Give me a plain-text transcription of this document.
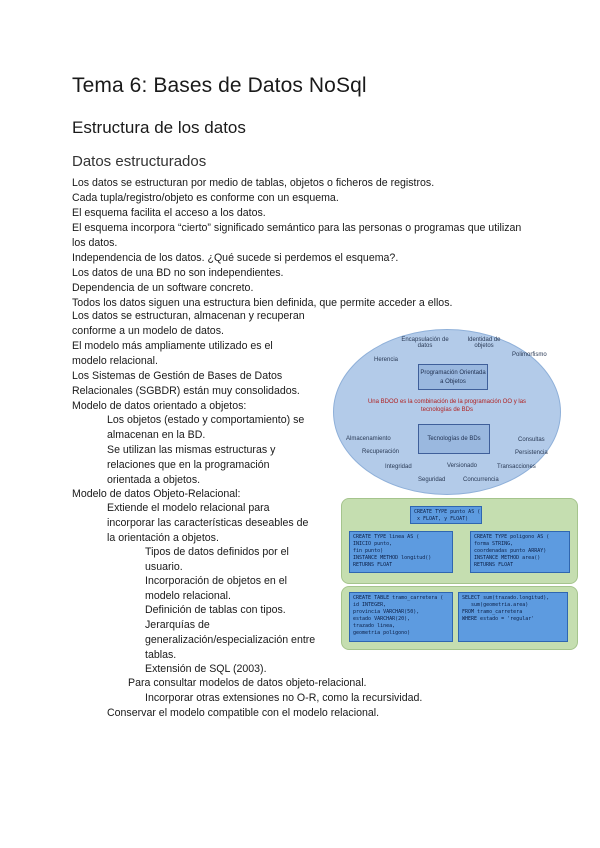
Tema 6: Bases de Datos NoSql
Estructura de los datos
Datos estructurados
Los datos se estructuran por medio de tablas, objetos o ficheros de registros.
Cada tupla/registro/objeto es conforme con un esquema.
El esquema facilita el acceso a los datos.
El esquema incorpora “cierto” significado semántico para las personas o programas que utilizan
los datos.
Independencia de los datos. ¿Qué sucede si perdemos el esquema?.
Los datos de una BD no son independientes.
Dependencia de un software concreto.
Todos los datos siguen una estructura bien definida, que permite acceder a ellos.
Los datos se estructuran, almacenan y recuperan
conforme a un modelo de datos.
El modelo más ampliamente utilizado es el
modelo relacional.
Los Sistemas de Gestión de Bases de Datos
Relacionales (SGBDR) están muy consolidados.
Modelo de datos orientado a objetos:
Los objetos (estado y comportamiento) se
almacenan en la BD.
Se utilizan las mismas estructuras y
relaciones que en la programación
orientada a objetos.
Modelo de datos Objeto-Relacional:
Extiende el modelo relacional para
incorporar las características deseables de
la orientación a objetos.
Tipos de datos definidos por el
usuario.
Incorporación de objetos en el
modelo relacional.
Definición de tablas con tipos.
Jerarquías de
generalización/especialización entre
tablas.
Extensión de SQL (2003).
Para consultar modelos de datos objeto-relacional.
Incorporar otras extensiones no O-R, como la recursividad.
Conservar el modelo compatible con el modelo relacional.
Encapsulación de datos
Identidad de objetos
Herencia
Polimorfismo
Programación Orientada a Objetos
Una BDOO es la combinación de la programación OO y las tecnologías de BDs
Almacenamiento	Tecnologías de BDs	Consultas
Recuperación	Persistencia
Integridad	Versionado	Transacciones
Seguridad	Concurrencia
CREATE TYPE punto AS (
x FLOAT, y FLOAT)
CREATE TYPE linea AS (
INICIO punto,
fin punto)
INSTANCE METHOD longitud()
RETURNS FLOAT
CREATE TYPE poligono AS (
forma STRING,
coordenadas punto ARRAY)
INSTANCE METHOD area()
RETURNS FLOAT
CREATE TABLE tramo_carretera (
id INTEGER,
provincia VARCHAR(50),
estado VARCHAR(20),
trazado linea,
geometria poligono)
SELECT sum(trazado.longitud),
sum(geometria.area)
FROM tramo_carretera
WHERE estado = 'regular'
